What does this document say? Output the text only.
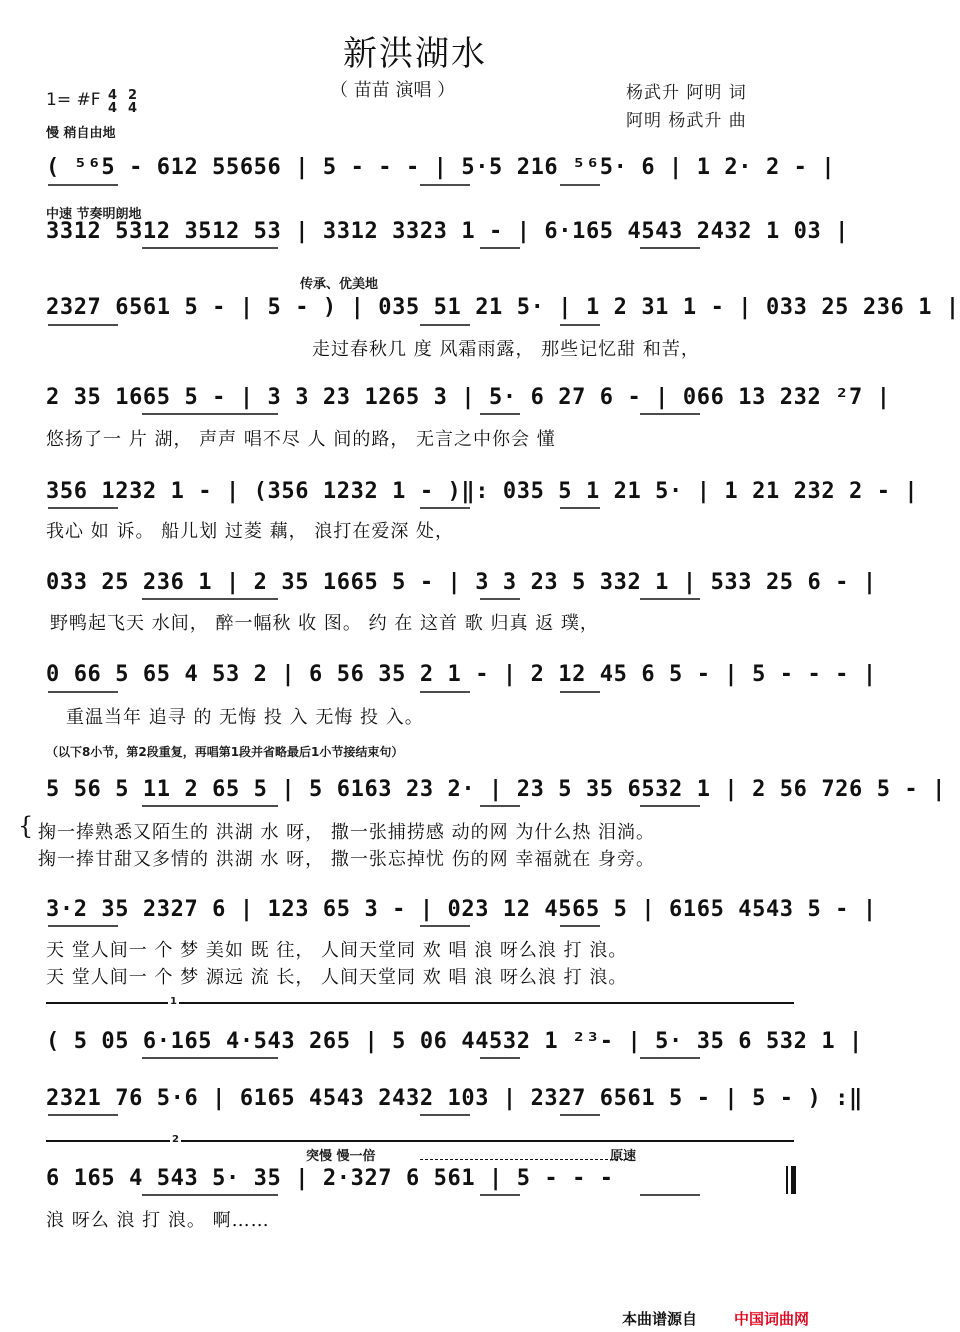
新洪湖水
（ 苗苗 演唱 ）	杨武升 阿明 词
阿明 杨武升 曲
1= #F 4
4
2
4
慢 稍自由地
( ⁵⁶5 - 612 55656 | 5 - - - | 5·5 216 ⁵⁶5· 6 | 1 2· 2 - |
中速 节奏明朗地
3312 5312 3512 53 | 3312 3323 1 - | 6·165 4543 2432 1 03 |
传承、优美地
2327 6561 5 - | 5 - ) | 035 51 21 5· | 1 2 31 1 - | 033 25 236 1 |
走过春秋几 度 风霜雨露， 那些记忆甜 和苦，
2 35 1665 5 - | 3 3 23 1265 3 | 5· 6 27 6 - | 066 13 232 ²7 |
悠扬了一 片 湖， 声声 唱不尽 人 间的路， 无言之中你会 懂
356 1232 1 - | (356 1232 1 - )‖: 035 5 1 21 5· | 1 21 232 2 - |
我心 如 诉。 船儿划 过菱 藕， 浪打在爱深 处，
033 25 236 1 | 2 35 1665 5 - | 3 3 23 5 332 1 | 533 25 6 - |
野鸭起飞天 水间， 醉一幅秋 收 图。 约 在 这首 歌 归真 返 璞，
0 66 5 65 4 53 2 | 6 56 35 2 1 - | 2 12 45 6 5 - | 5 - - - |
重温当年 追寻 的 无悔 投 入 无悔 投 入。
（以下8小节，第2段重复，再唱第1段并省略最后1小节接结束句）
5 56 5 11 2 65 5 | 5 6163 23 2· | 23 5 35 6532 1 | 2 56 726 5 - |
{ 掬一捧熟悉又陌生的 洪湖 水 呀， 撒一张捕捞感 动的网 为什么热 泪淌。
掬一捧甘甜又多情的 洪湖 水 呀， 撒一张忘掉忧 伤的网 幸福就在 身旁。
3·2 35 2327 6 | 123 65 3 - | 023 12 4565 5 | 6165 4543 5 - |
天 堂人间一 个 梦 美如 既 往， 人间天堂同 欢 唱 浪 呀么浪 打 浪。
天 堂人间一 个 梦 源远 流 长， 人间天堂同 欢 唱 浪 呀么浪 打 浪。
1
( 5 05 6·165 4·543 265 | 5 06 44532 1 ²³- | 5· 35 6 532 1 |
2321 76 5·6 | 6165 4543 2432 103 | 2327 6561 5 - | 5 - ) :‖
2
突慢 慢一倍	原速
6 165 4 543 5· 35 | 2·327 6 561 | 5 - - -
浪 呀么 浪 打 浪。 啊……
本曲谱源自 中国词曲网
